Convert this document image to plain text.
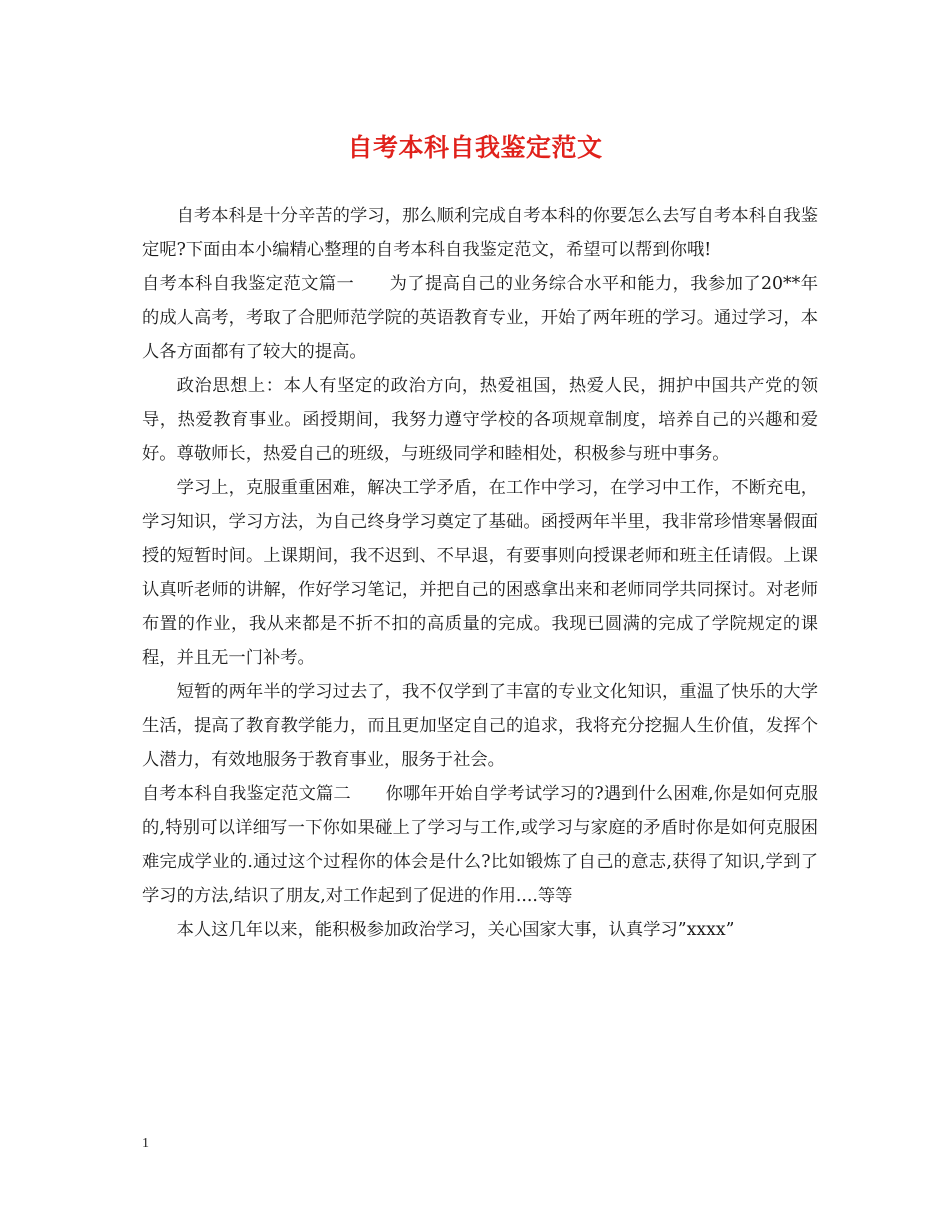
自考本科自我鉴定范文

自考本科是十分辛苦的学习，那么顺利完成自考本科的你要怎么去写自考本科自我鉴定呢?下面由本小编精心整理的自考本科自我鉴定范文，希望可以帮到你哦!

自考本科自我鉴定范文篇一　　为了提高自己的业务综合水平和能力，我参加了20**年的成人高考，考取了合肥师范学院的英语教育专业，开始了两年班的学习。通过学习，本人各方面都有了较大的提高。

政治思想上：本人有坚定的政治方向，热爱祖国，热爱人民，拥护中国共产党的领导，热爱教育事业。函授期间，我努力遵守学校的各项规章制度，培养自己的兴趣和爱好。尊敬师长，热爱自己的班级，与班级同学和睦相处，积极参与班中事务。

学习上，克服重重困难，解决工学矛盾，在工作中学习，在学习中工作，不断充电，学习知识，学习方法，为自己终身学习奠定了基础。函授两年半里，我非常珍惜寒暑假面授的短暂时间。上课期间，我不迟到、不早退，有要事则向授课老师和班主任请假。上课认真听老师的讲解，作好学习笔记，并把自己的困惑拿出来和老师同学共同探讨。对老师布置的作业，我从来都是不折不扣的高质量的完成。我现已圆满的完成了学院规定的课程，并且无一门补考。

短暂的两年半的学习过去了，我不仅学到了丰富的专业文化知识，重温了快乐的大学生活，提高了教育教学能力，而且更加坚定自己的追求，我将充分挖掘人生价值，发挥个人潜力，有效地服务于教育事业，服务于社会。

自考本科自我鉴定范文篇二　　你哪年开始自学考试学习的?遇到什么困难,你是如何克服的,特别可以详细写一下你如果碰上了学习与工作,或学习与家庭的矛盾时你是如何克服困难完成学业的.通过这个过程你的体会是什么?比如锻炼了自己的意志,获得了知识,学到了学习的方法,结识了朋友,对工作起到了促进的作用....等等

本人这几年以来，能积极参加政治学习，关心国家大事，认真学习”xxxx”

1
